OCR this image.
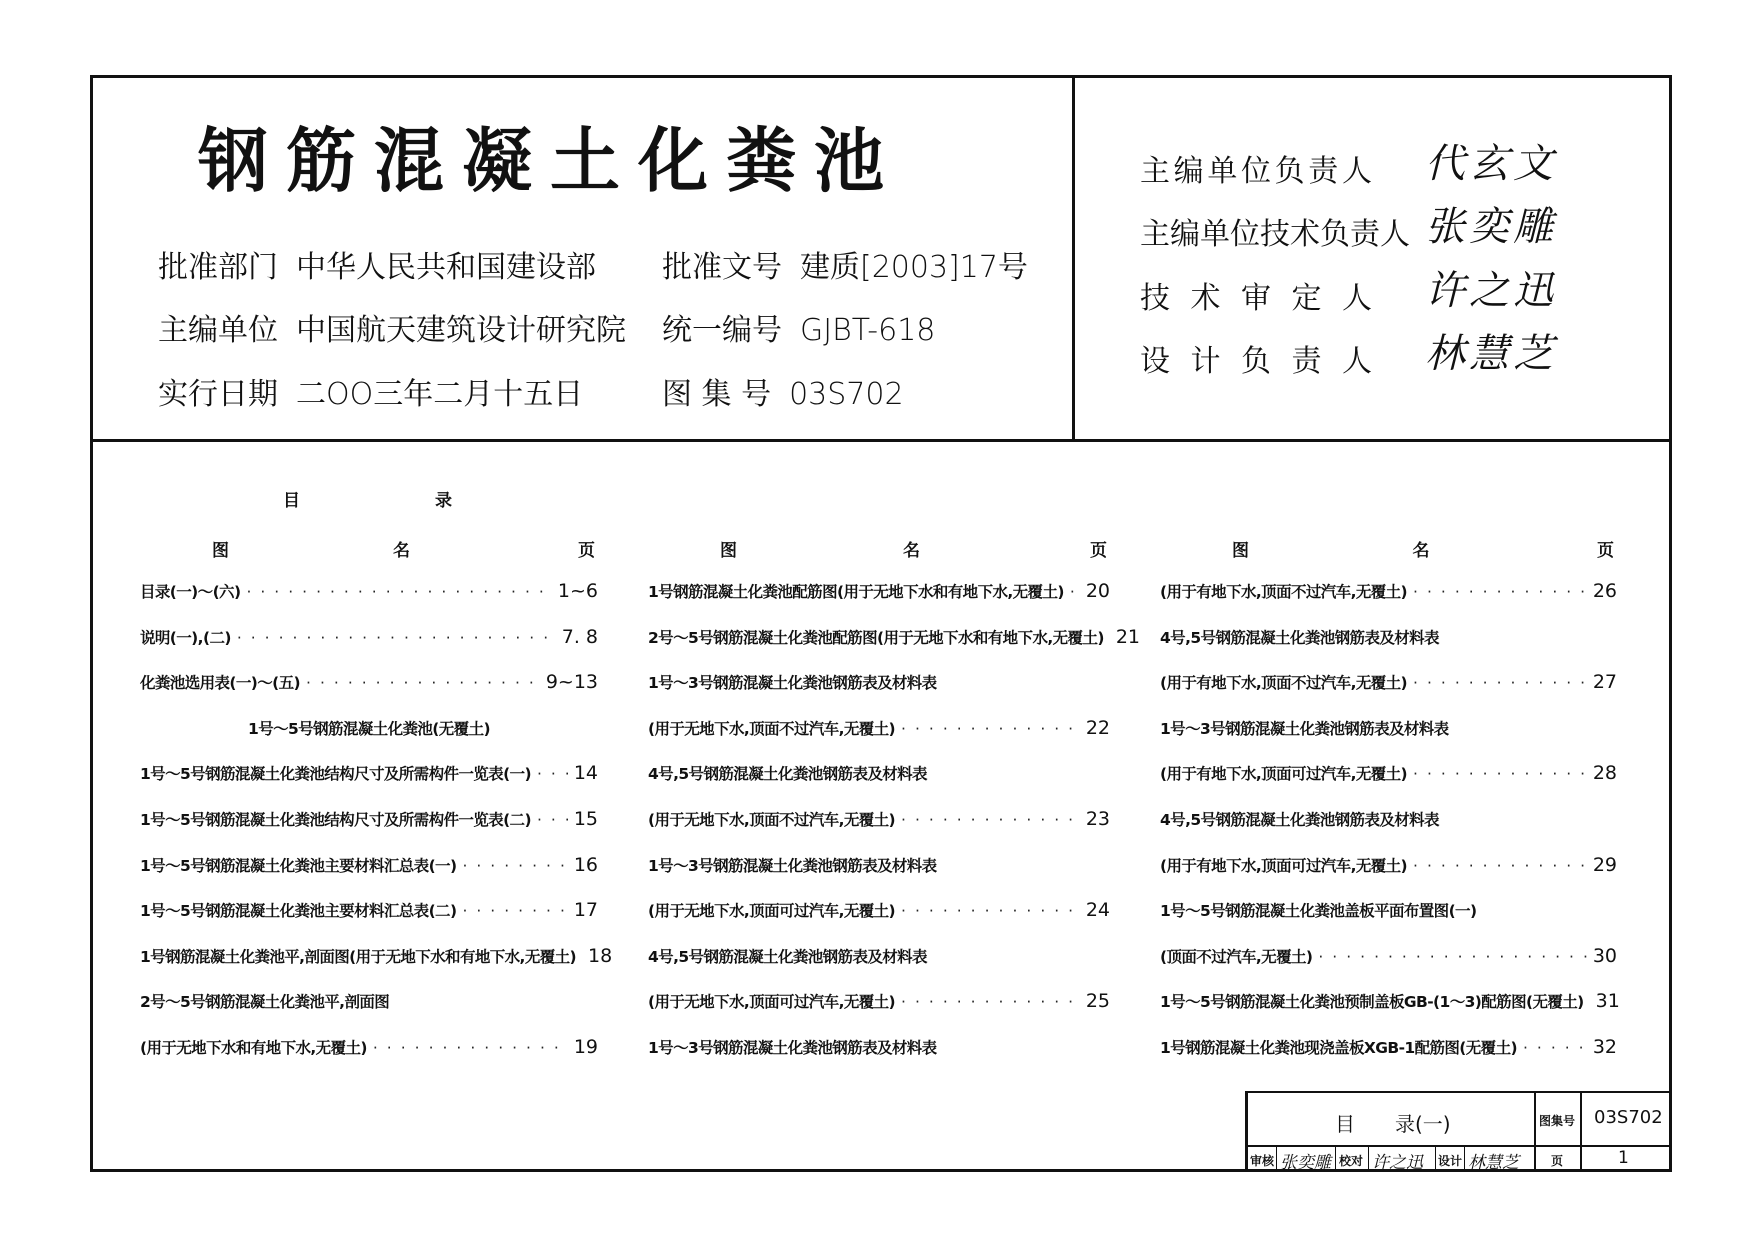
钢筋混凝土化粪池
批准部门 中华人民共和国建设部
主编单位 中国航天建筑设计研究院
实行日期 二OO三年二月十五日
批准文号 建质[2003]17号
统一编号 GJBT-618
图 集 号 03S702
主 编 单 位 负 责 人 代玄文
主编单位技术负责人 张奕雕
技 术 审 定 人 许之迅
设 计 负 责 人 林慧芝
目	录
图	名	页
目录(一)～(六) ·····	1~6
说明(一),(二) ·····	7. 8
化粪池选用表(一)～(五) ·····	9~13
1号～5号钢筋混凝土化粪池(无覆土)
1号～5号钢筋混凝土化粪池结构尺寸及所需构件一览表(一) ····· 14
1号～5号钢筋混凝土化粪池结构尺寸及所需构件一览表(二) ····· 15
1号～5号钢筋混凝土化粪池主要材料汇总表(一) ·····	16
1号～5号钢筋混凝土化粪池主要材料汇总表(二) ·····	17
1号钢筋混凝土化粪池平,剖面图(用于无地下水和有地下水,无覆土) 18
2号～5号钢筋混凝土化粪池平,剖面图
(用于无地下水和有地下水,无覆土) ·····	19
图	名	页
1号钢筋混凝土化粪池配筋图(用于无地下水和有地下水,无覆土) ····· 20
2号～5号钢筋混凝土化粪池配筋图(用于无地下水和有地下水,无覆土) 21
1号～3号钢筋混凝土化粪池钢筋表及材料表
(用于无地下水,顶面不过汽车,无覆土) ·····	22
4号,5号钢筋混凝土化粪池钢筋表及材料表
(用于无地下水,顶面不过汽车,无覆土) ·····	23
1号～3号钢筋混凝土化粪池钢筋表及材料表
(用于无地下水,顶面可过汽车,无覆土) ·····	24
4号,5号钢筋混凝土化粪池钢筋表及材料表
(用于无地下水,顶面可过汽车,无覆土) ·····	25
1号～3号钢筋混凝土化粪池钢筋表及材料表
图	名	页
(用于有地下水,顶面不过汽车,无覆土) ·····	26
4号,5号钢筋混凝土化粪池钢筋表及材料表
(用于有地下水,顶面不过汽车,无覆土) ·····	27
1号～3号钢筋混凝土化粪池钢筋表及材料表
(用于有地下水,顶面可过汽车,无覆土) ·····	28
4号,5号钢筋混凝土化粪池钢筋表及材料表
(用于有地下水,顶面可过汽车,无覆土) ·····	29
1号～5号钢筋混凝土化粪池盖板平面布置图(一)
(顶面不过汽车,无覆土) ·····	30
1号～5号钢筋混凝土化粪池预制盖板GB-(1～3)配筋图(无覆土) 31
1号钢筋混凝土化粪池现浇盖板XGB-1配筋图(无覆土) ·····	32
目　　录(一)	图集号 03S702
审核 张奕雕 校对 许之迅 设计 林慧芝	页	1
